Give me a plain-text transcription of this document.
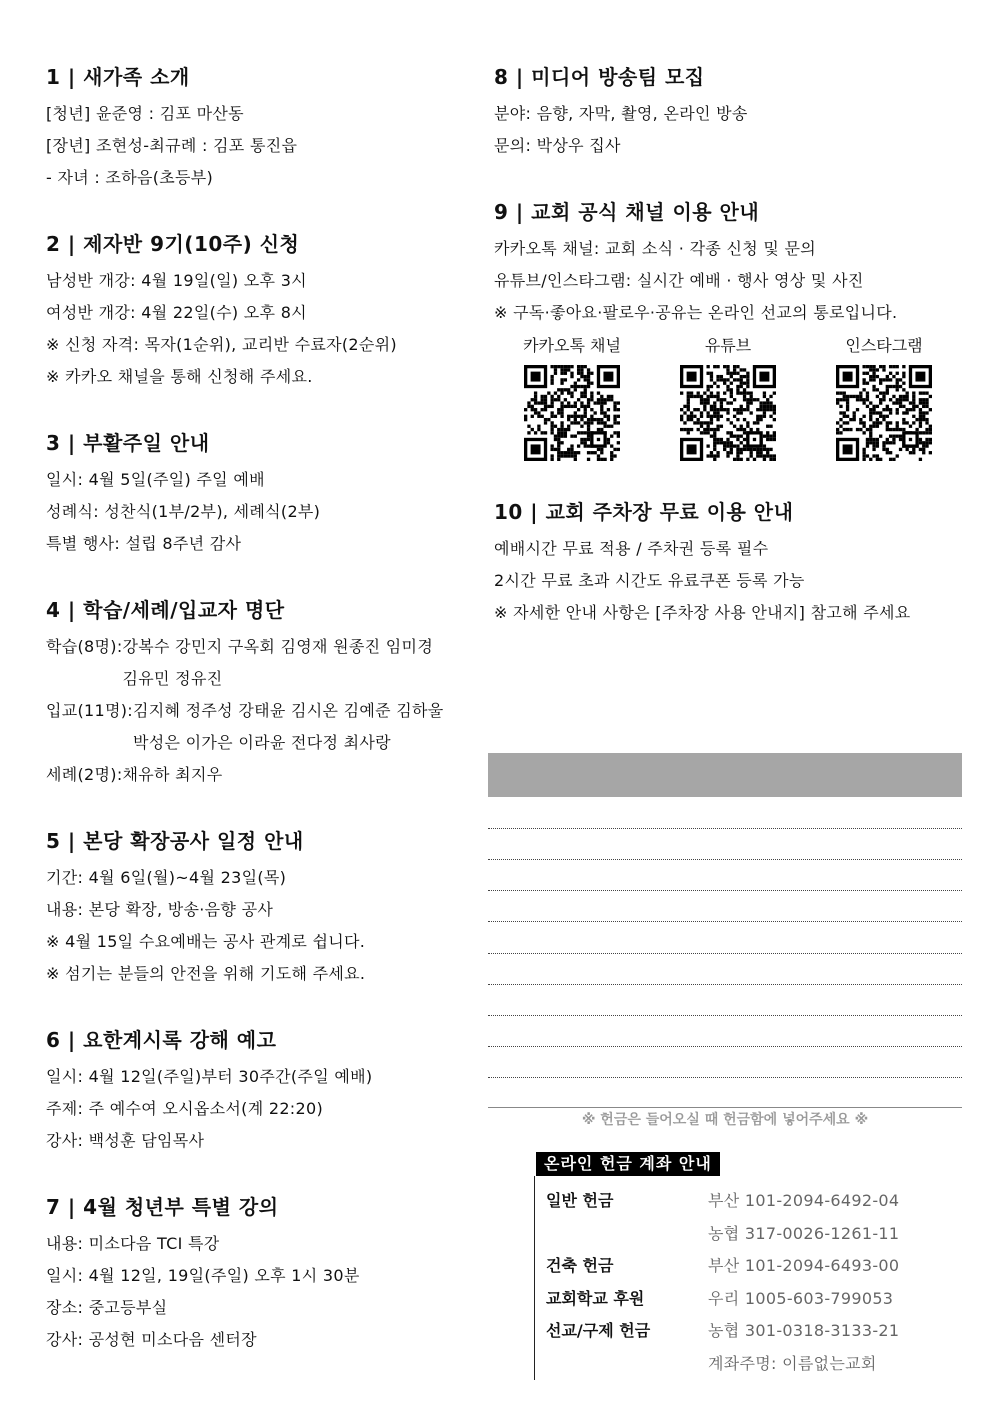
1 | 새가족 소개
[청년] 윤준영 : 김포 마산동
[장년] 조현성-최규례 : 김포 통진읍
- 자녀 : 조하음(초등부)
2 | 제자반 9기(10주) 신청
남성반 개강: 4월 19일(일) 오후 3시
여성반 개강: 4월 22일(수) 오후 8시
※ 신청 자격: 목자(1순위), 교리반 수료자(2순위)
※ 카카오 채널을 통해 신청해 주세요.
3 | 부활주일 안내
일시: 4월 5일(주일) 주일 예배
성례식: 성찬식(1부/2부), 세례식(2부)
특별 행사: 설립 8주년 감사
4 | 학습/세례/입교자 명단
학습(8명): 강복수 강민지 구옥회 김영재 원종진 임미경
김유민 정유진
입교(11명): 김지혜 정주성 강태윤 김시온 김예준 김하울
박성은 이가은 이라윤 전다정 최사랑
세례(2명): 채유하 최지우
5 | 본당 확장공사 일정 안내
기간: 4월 6일(월)~4월 23일(목)
내용: 본당 확장, 방송·음향 공사
※ 4월 15일 수요예배는 공사 관계로 쉽니다.
※ 섬기는 분들의 안전을 위해 기도해 주세요.
6 | 요한계시록 강해 예고
일시: 4월 12일(주일)부터 30주간(주일 예배)
주제: 주 예수여 오시옵소서(계 22:20)
강사: 백성훈 담임목사
7 | 4월 청년부 특별 강의
내용: 미소다음 TCI 특강
일시: 4월 12일, 19일(주일) 오후 1시 30분
장소: 중고등부실
강사: 공성현 미소다음 센터장
8 | 미디어 방송팀 모집
분야: 음향, 자막, 촬영, 온라인 방송
문의: 박상우 집사
9 | 교회 공식 채널 이용 안내
카카오톡 채널: 교회 소식 · 각종 신청 및 문의
유튜브/인스타그램: 실시간 예배 · 행사 영상 및 사진
※ 구독·좋아요·팔로우·공유는 온라인 선교의 통로입니다.
카카오톡 채널	유튜브	인스타그램
10 | 교회 주차장 무료 이용 안내
예배시간 무료 적용 / 주차권 등록 필수
2시간 무료 초과 시간도 유료쿠폰 등록 가능
※ 자세한 안내 사항은 [주차장 사용 안내지] 참고해 주세요
※ 헌금은 들어오실 때 헌금함에 넣어주세요 ※
온라인 헌금 계좌 안내
일반 헌금	부산 101-2094-6492-04
농협 317-0026-1261-11
건축 헌금	부산 101-2094-6493-00
교회학교 후원	우리 1005-603-799053
선교/구제 헌금	농협 301-0318-3133-21
계좌주명: 이름없는교회
